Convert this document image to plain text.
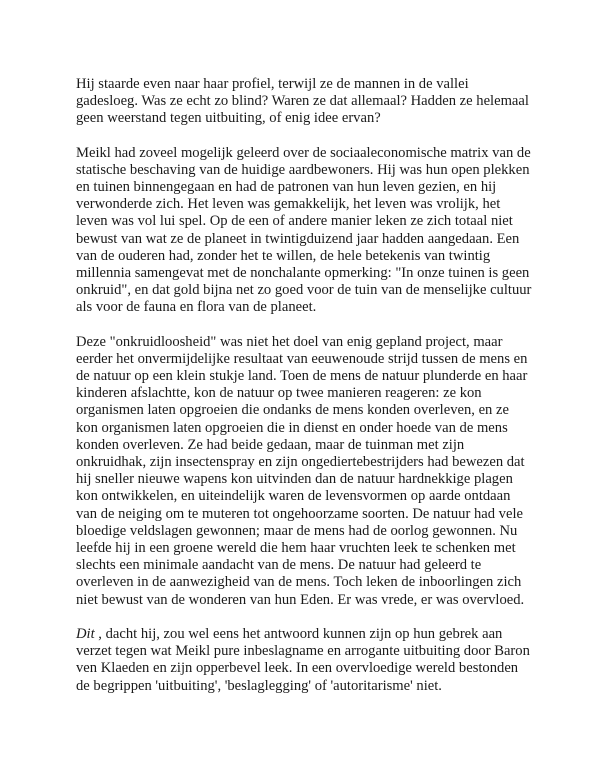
Hij staarde even naar haar profiel, terwijl ze de mannen in de vallei gadesloeg. Was ze echt zo blind? Waren ze dat allemaal? Hadden ze helemaal geen weerstand tegen uitbuiting, of enig idee ervan?

Meikl had zoveel mogelijk geleerd over de sociaaleconomische matrix van de statische beschaving van de huidige aardbewoners. Hij was hun open plekken en tuinen binnengegaan en had de patronen van hun leven gezien, en hij verwonderde zich. Het leven was gemakkelijk, het leven was vrolijk, het leven was vol lui spel. Op de een of andere manier leken ze zich totaal niet bewust van wat ze de planeet in twintigduizend jaar hadden aangedaan. Een van de ouderen had, zonder het te willen, de hele betekenis van twintig millennia samengevat met de nonchalante opmerking: "In onze tuinen is geen onkruid", en dat gold bijna net zo goed voor de tuin van de menselijke cultuur als voor de fauna en flora van de planeet.

Deze "onkruidloosheid" was niet het doel van enig gepland project, maar eerder het onvermijdelijke resultaat van eeuwenoude strijd tussen de mens en de natuur op een klein stukje land. Toen de mens de natuur plunderde en haar kinderen afslachtte, kon de natuur op twee manieren reageren: ze kon organismen laten opgroeien die ondanks de mens konden overleven, en ze kon organismen laten opgroeien die in dienst en onder hoede van de mens konden overleven. Ze had beide gedaan, maar de tuinman met zijn onkruidhak, zijn insectenspray en zijn ongediertebestrijders had bewezen dat hij sneller nieuwe wapens kon uitvinden dan de natuur hardnekkige plagen kon ontwikkelen, en uiteindelijk waren de levensvormen op aarde ontdaan van de neiging om te muteren tot ongehoorzame soorten. De natuur had vele bloedige veldslagen gewonnen; maar de mens had de oorlog gewonnen. Nu leefde hij in een groene wereld die hem haar vruchten leek te schenken met slechts een minimale aandacht van de mens. De natuur had geleerd te overleven in de aanwezigheid van de mens. Toch leken de inboorlingen zich niet bewust van de wonderen van hun Eden. Er was vrede, er was overvloed.

Dit , dacht hij, zou wel eens het antwoord kunnen zijn op hun gebrek aan verzet tegen wat Meikl pure inbeslagname en arrogante uitbuiting door Baron ven Klaeden en zijn opperbevel leek. In een overvloedige wereld bestonden de begrippen 'uitbuiting', 'beslaglegging' of 'autoritarisme' niet.
